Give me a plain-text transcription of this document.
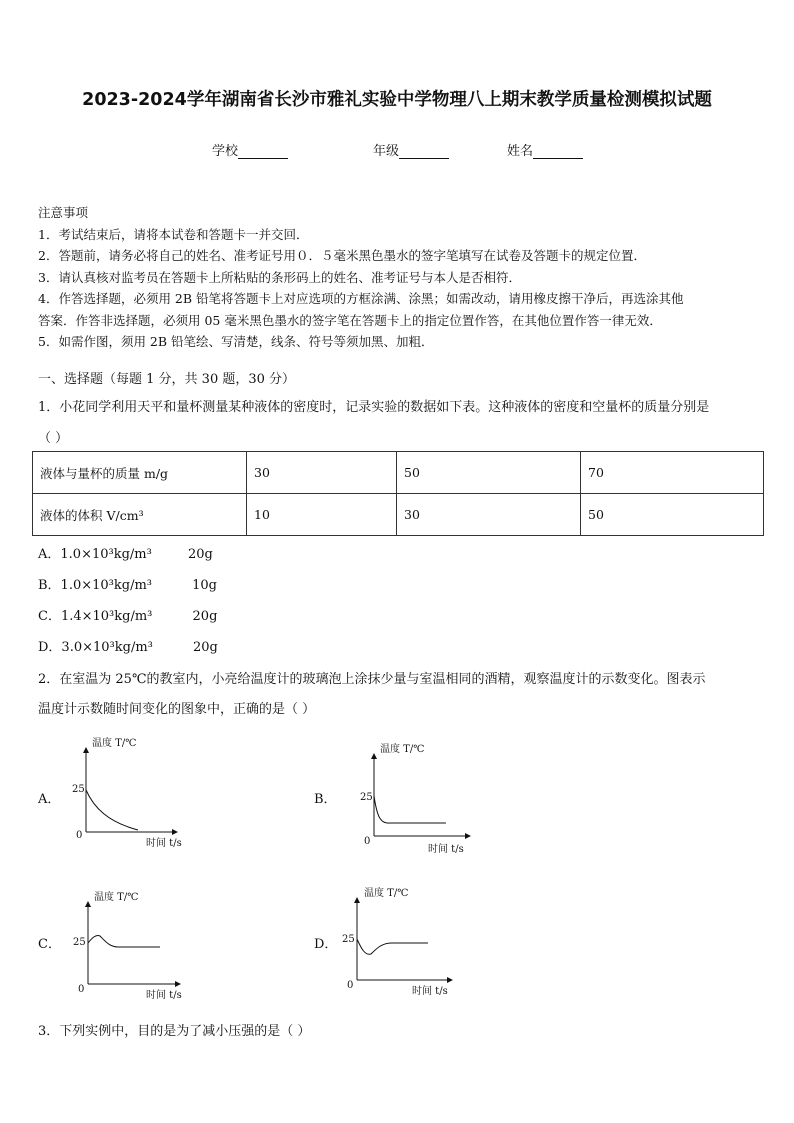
2023-2024学年湖南省长沙市雅礼实验中学物理八上期末教学质量检测模拟试题
学校	年级	姓名
注意事项
1．考试结束后，请将本试卷和答题卡一并交回．
2．答题前，请务必将自己的姓名、准考证号用０．５毫米黑色墨水的签字笔填写在试卷及答题卡的规定位置．
3．请认真核对监考员在答题卡上所粘贴的条形码上的姓名、准考证号与本人是否相符．
4．作答选择题，必须用 2B 铅笔将答题卡上对应选项的方框涂满、涂黑；如需改动，请用橡皮擦干净后，再选涂其他
答案．作答非选择题，必须用 05 毫米黑色墨水的签字笔在答题卡上的指定位置作答，在其他位置作答一律无效．
5．如需作图，须用 2B 铅笔绘、写清楚，线条、符号等须加黑、加粗．
一、选择题（每题 1 分，共 30 题，30 分）
1．小花同学利用天平和量杯测量某种液体的密度时，记录实验的数据如下表。这种液体的密度和空量杯的质量分别是
（ ）
液体与量杯的质量 m/g	30	50	70
液体的体积 V/cm³	10	30	50
A．1.0×10³kg/m³	20g
B．1.0×10³kg/m³	10g
C．1.4×10³kg/m³	20g
D．3.0×10³kg/m³	20g
2．在室温为 25℃的教室内，小亮给温度计的玻璃泡上涂抹少量与室温相同的酒精，观察温度计的示数变化。图表示
温度计示数随时间变化的图象中，正确的是（ ）
A．	B．
C．	D．
温度 T/℃
25
0
时间 t/s
温度 T/℃
25
0
时间 t/s
温度 T/℃
25
0
时间 t/s
温度 T/℃
25
0
时间 t/s
3．下列实例中，目的是为了减小压强的是（ ）
